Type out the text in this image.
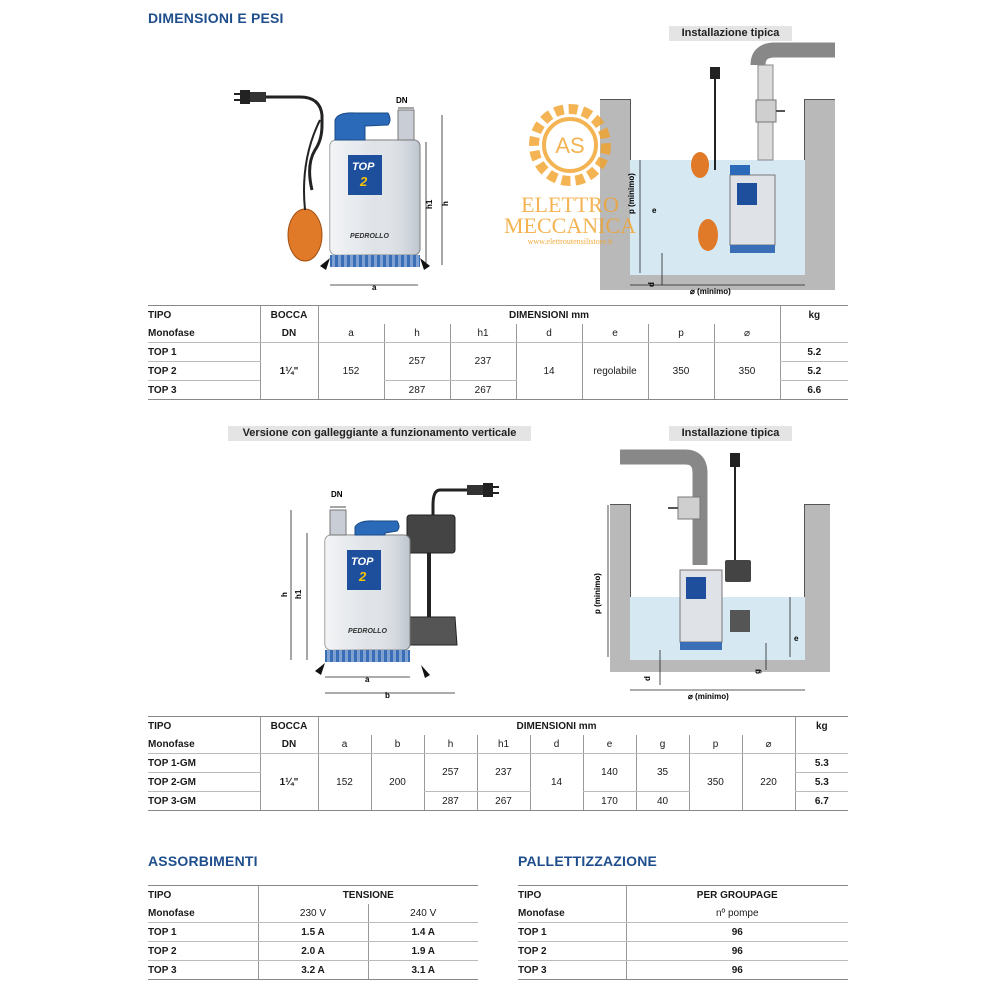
DIMENSIONI E PESI
Installazione tipica
TOP
2
PEDROLLO
a
h1 h
DN
⌀ (minimo)
p (minimo) e
d
AS
ELETTRO
MECCANICA
www.elettroutensilistore.it
TIPO	BOCCA	DIMENSIONI mm							kg
Monofase	DN	a	h	h1	d	e	p	⌀	
TOP 1	1¼"	152	257	237	14	regolabile	350	350	5.2
TOP 2									5.2
TOP 3			287	267					6.6
Versione con galleggiante a funzionamento verticale	Installazione tipica
TOP
2
PEDROLLO
a
b
h1
h
DN
⌀ (minimo)
p (minimo)
e
g
d
TIPO	BOCCA	DIMENSIONI mm									kg
Monofase	DN	a	b	h	h1	d	e	g	p	⌀	
TOP 1-GM	1¼"	152	200	257	237	14	140	35	350	220	5.3
TOP 2-GM											5.3
TOP 3-GM				287	267		170	40			6.7
ASSORBIMENTI
TIPO	TENSIONE	
Monofase	230 V	240 V
TOP 1	1.5 A	1.4 A
TOP 2	2.0 A	1.9 A
TOP 3	3.2 A	3.1 A
PALLETTIZZAZIONE
TIPO	PER GROUPAGE
Monofase	nº pompe
TOP 1	96
TOP 2	96
TOP 3	96
